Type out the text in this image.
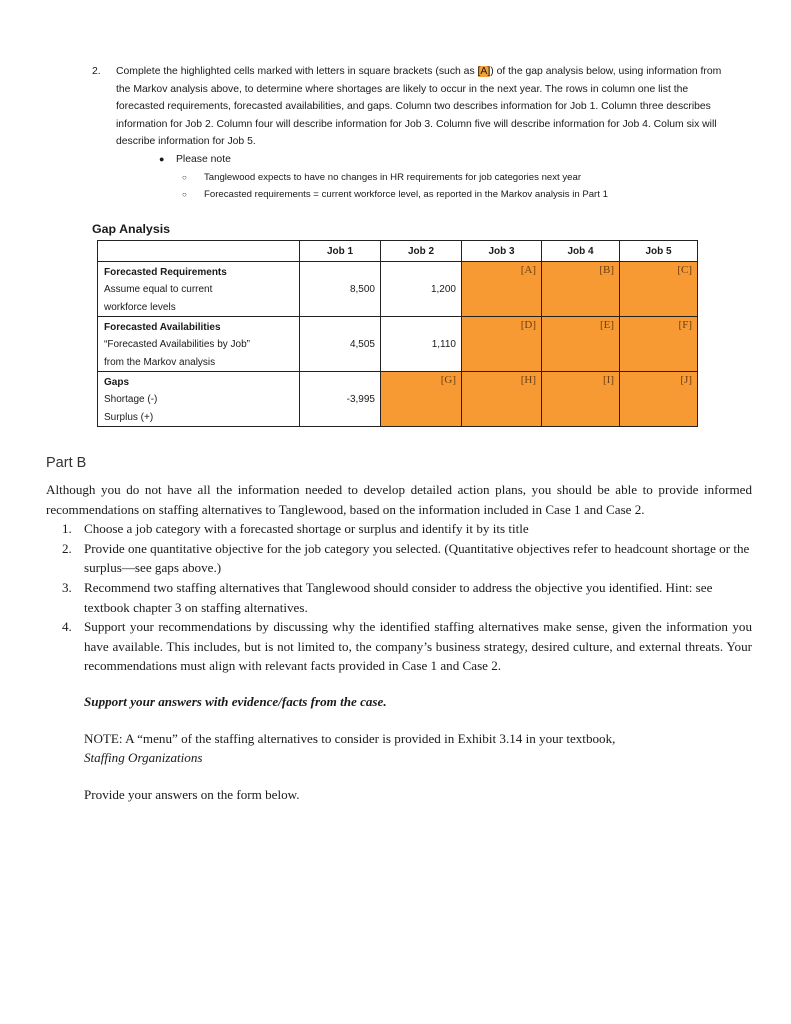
2. Complete the highlighted cells marked with letters in square brackets (such as [A]) of the gap analysis below, using information from the Markov analysis above, to determine where shortages are likely to occur in the next year. The rows in column one list the forecasted requirements, forecasted availabilities, and gaps. Column two describes information for Job 1. Column three describes information for Job 2. Column four will describe information for Job 3. Column five will describe information for Job 4. Colum six will describe information for Job 5.
● Please note
○ Tanglewood expects to have no changes in HR requirements for job categories next year
○ Forecasted requirements = current workforce level, as reported in the Markov analysis in Part 1
Gap Analysis
	Job 1	Job 2	Job 3	Job 4	Job 5
Forecasted Requirements
Assume equal to current
workforce levels	8,500	1,200	[A]	[B]	[C]
Forecasted Availabilities
“Forecasted Availabilities by Job”
from the Markov analysis	4,505	1,110	[D]	[E]	[F]
Gaps
Shortage (-)
Surplus (+)	-3,995	[G]	[H]	[I]	[J]
Part B

Although you do not have all the information needed to develop detailed action plans, you should be able to provide informed recommendations on staffing alternatives to Tanglewood, based on the information included in Case 1 and Case 2.

1. Choose a job category with a forecasted shortage or surplus and identify it by its title
2. Provide one quantitative objective for the job category you selected. (Quantitative objectives refer to headcount shortage or the surplus—see gaps above.)
3. Recommend two staffing alternatives that Tanglewood should consider to address the objective you identified. Hint: see textbook chapter 3 on staffing alternatives.
4. Support your recommendations by discussing why the identified staffing alternatives make sense, given the information you have available. This includes, but is not limited to, the company’s business strategy, desired culture, and external threats. Your recommendations must align with relevant facts provided in Case 1 and Case 2.

Support your answers with evidence/facts from the case.

NOTE: A “menu” of the staffing alternatives to consider is provided in Exhibit 3.14 in your textbook,
Staffing Organizations

Provide your answers on the form below.
